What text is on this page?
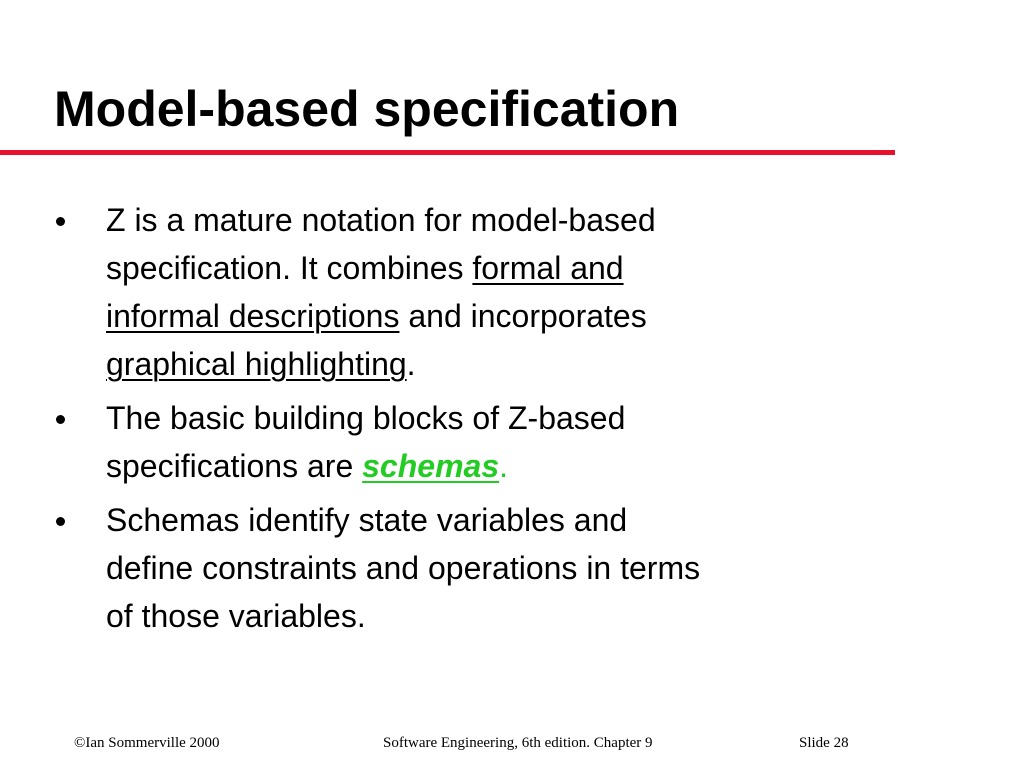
Model-based specification
Z is a mature notation for model-based
specification. It combines formal and
informal descriptions and incorporates
graphical highlighting.
The basic building blocks of Z-based
specifications are schemas.
Schemas identify state variables and
define constraints and operations in terms
of those variables.
©Ian Sommerville 2000	Software Engineering, 6th edition. Chapter 9	Slide 28
